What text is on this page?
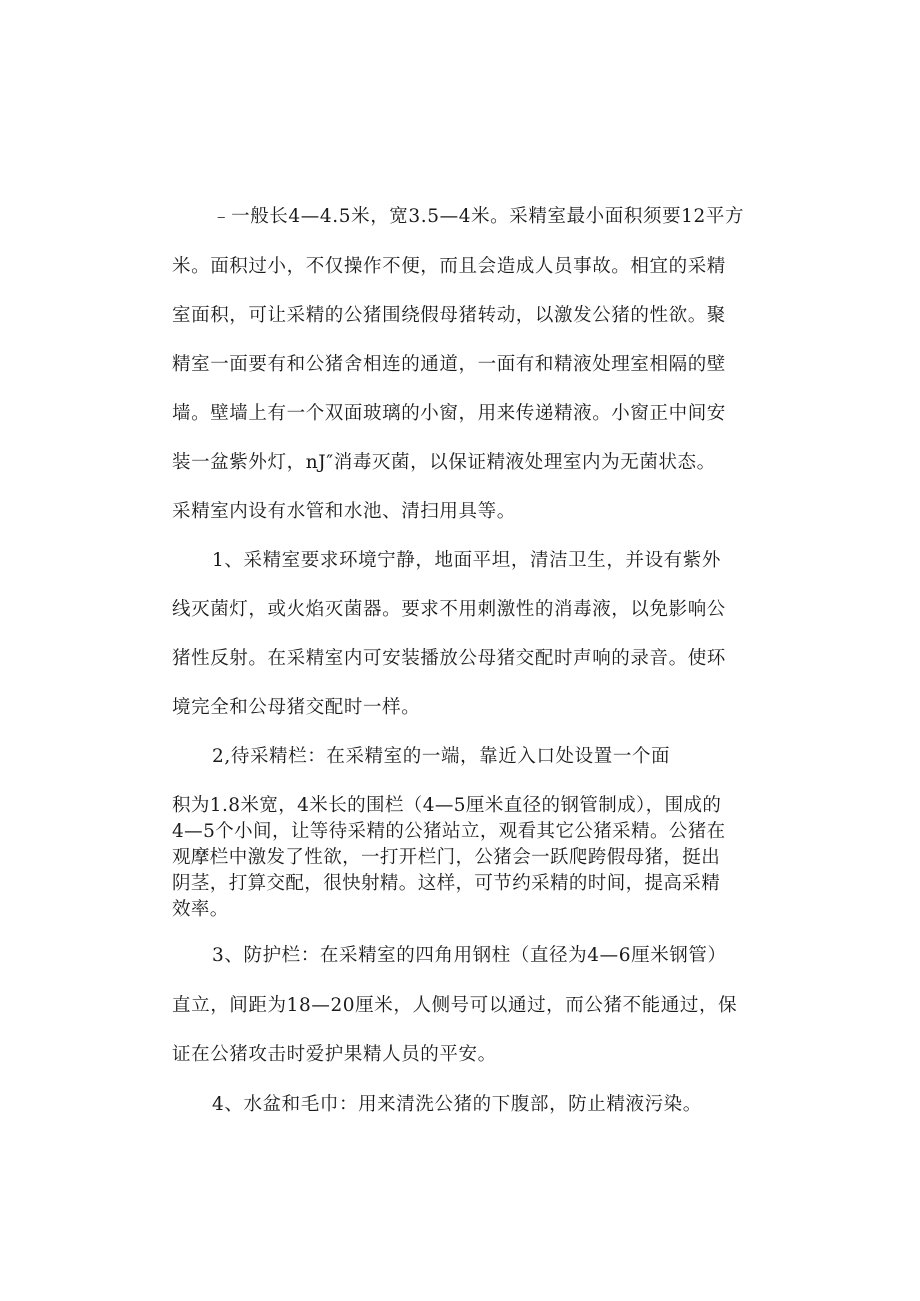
﹣一般长4—4.5米，宽3.5—4米。采精室最小面积须要12平方
米。面积过小，不仅操作不便，而且会造成人员事故。相宜的采精
室面积，可让采精的公猪围绕假母猪转动，以激发公猪的性欲。聚
精室一面要有和公猪舍相连的通道，一面有和精液处理室相隔的壁
墙。壁墙上有一个双面玻璃的小窗，用来传递精液。小窗正中间安
装一盆紫外灯，nJ″消毒灭菌，以保证精液处理室内为无菌状态。
采精室内设有水管和水池、清扫用具等。
1、采精室要求环境宁静，地面平坦，清洁卫生，并设有紫外
线灭菌灯，或火焰灭菌器。要求不用刺激性的消毒液，以免影响公
猪性反射。在采精室内可安装播放公母猪交配时声响的录音。使环
境完全和公母猪交配时一样。
2,待采精栏：在采精室的一端，靠近入口处设置一个面
积为1.8米宽，4米长的围栏（4—5厘米直径的钢管制成），围成的
4—5个小间，让等待采精的公猪站立，观看其它公猪采精。公猪在
观摩栏中激发了性欲，一打开栏门，公猪会一跃爬跨假母猪，挺出
阴茎，打算交配，很快射精。这样，可节约采精的时间，提高采精
效率。
3、防护栏：在采精室的四角用钢柱（直径为4—6厘米钢管）
直立，间距为18—20厘米，人侧号可以通过，而公猪不能通过，保
证在公猪攻击时爱护果精人员的平安。
4、水盆和毛巾：用来清洗公猪的下腹部，防止精液污染。
